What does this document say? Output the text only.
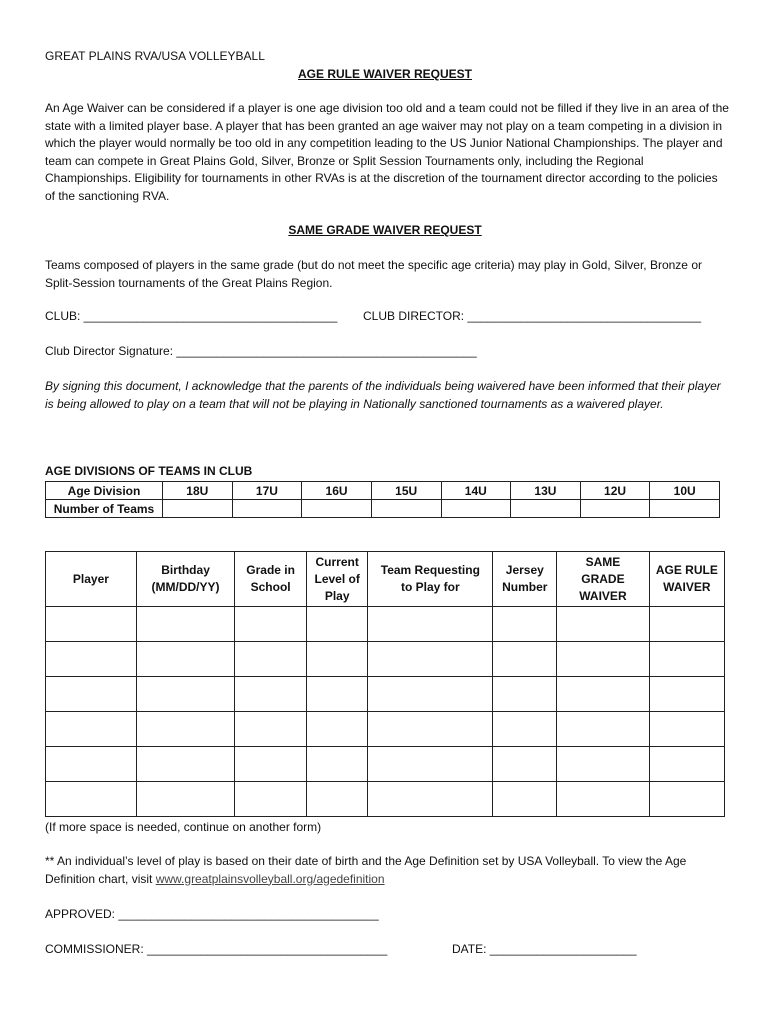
GREAT PLAINS RVA/USA VOLLEYBALL
AGE RULE WAIVER REQUEST
An Age Waiver can be considered if a player is one age division too old and a team could not be filled if they live in an area of the state with a limited player base. A player that has been granted an age waiver may not play on a team competing in a division in which the player would normally be too old in any competition leading to the US Junior National Championships. The player and team can compete in Great Plains Gold, Silver, Bronze or Split Session Tournaments only, including the Regional Championships. Eligibility for tournaments in other RVAs is at the discretion of the tournament director according to the policies of the sanctioning RVA.
SAME GRADE WAIVER REQUEST
Teams composed of players in the same grade (but do not meet the specific age criteria) may play in Gold, Silver, Bronze or Split-Session tournaments of the Great Plains Region.
CLUB: ______________________________________ CLUB DIRECTOR: ___________________________________
Club Director Signature: _____________________________________________
By signing this document, I acknowledge that the parents of the individuals being waivered have been informed that their player is being allowed to play on a team that will not be playing in Nationally sanctioned tournaments as a waivered player.
AGE DIVISIONS OF TEAMS IN CLUB
Age Division	18U	17U	16U	15U	14U	13U	12U	10U
Number of Teams								
Player	Birthday (MM/DD/YY)	Grade in School	Current Level of Play	Team Requesting to Play for	Jersey Number	SAME GRADE WAIVER	AGE RULE WAIVER

(If more space is needed, continue on another form)
** An individual’s level of play is based on their date of birth and the Age Definition set by USA Volleyball. To view the Age Definition chart, visit www.greatplainsvolleyball.org/agedefinition
APPROVED: _______________________________________
COMMISSIONER: ____________________________________	DATE: ______________________
